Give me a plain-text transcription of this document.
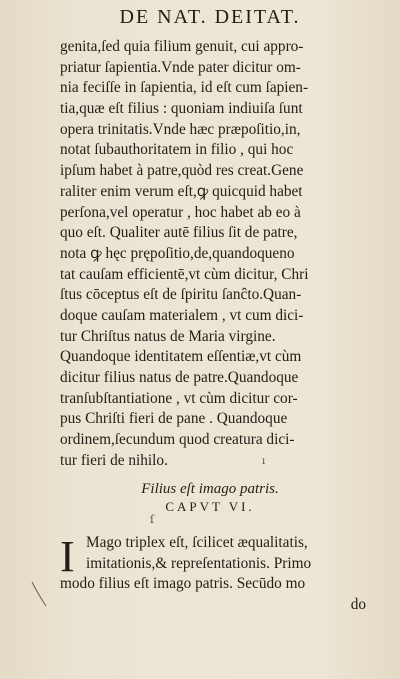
DE NAT. DEITAT.
genita,ſed quia filium genuit, cui appro-
priatur ſapientia.Vnde pater dicitur om-
nia feciſſe in ſapientia, id eſt cum ſapien-
tia,quæ eſt filius : quoniam indiuiſa ſunt
opera trinitatis.Vnde hæc præpoſitio,in,
notat ſubauthoritatem in filio , qui hoc
ipſum habet à patre,quòd res creat.Gene
raliter enim verum eſt,ꝙ quicquid habet
perſona,vel operatur , hoc habet ab eo à
quo eſt. Qualiter autē filius ſit de patre,
nota ꝙ hęc prępoſitio,de,quandoqueno
tat cauſam efficientē,vt cùm dicitur, Chri
ſtus cōceptus eſt de ſpiritu ſanĉto.Quan-
doque cauſam materialem , vt cum dici-
tur Chriſtus natus de Maria virgine.
Quandoque identitatem eſſentiæ,vt cùm
dicitur filius natus de patre.Quandoque
tranſubſtantiatione , vt cùm dicitur cor-
pus Chriſti fieri de pane . Quandoque
ordinem,ſecundum quod creatura dici-
tur fieri de nihilo.	ı
Filius eſt imago patris.
CAPVT VI.
ſ
I Mago triplex eſt, ſcilicet æqualitatis,
imitationis,& repreſentationis. Primo
modo filius eſt imago patris. Secūdo mo
do
